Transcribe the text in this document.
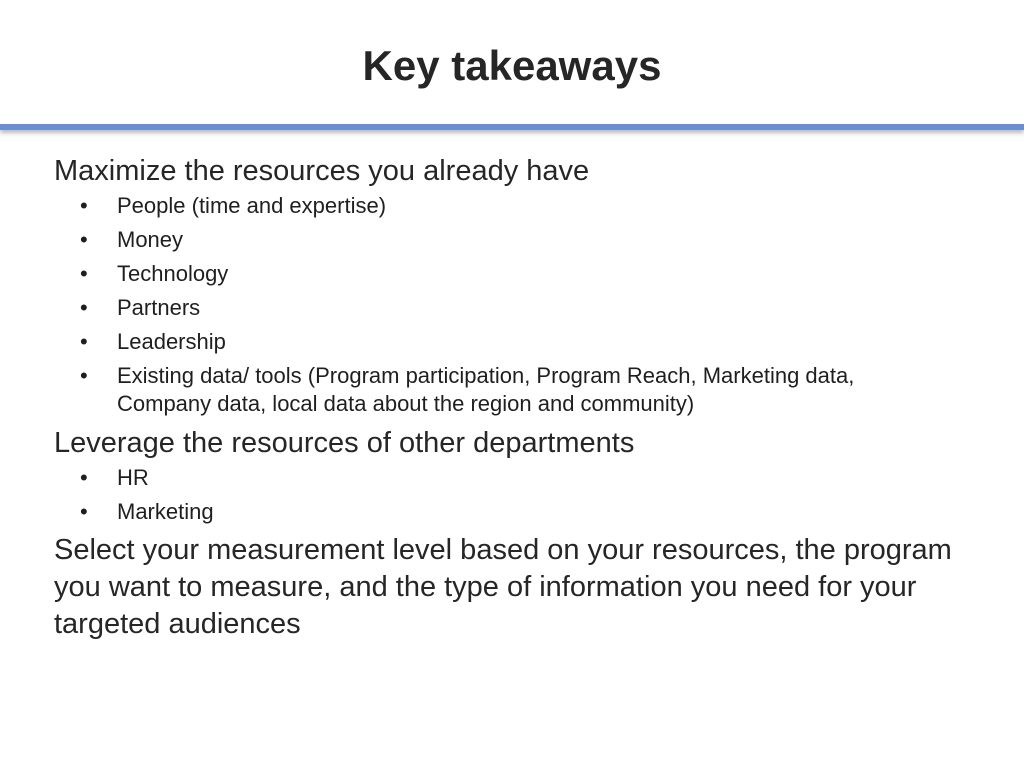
Key takeaways

Maximize the resources you already have

• People (time and expertise)
• Money
• Technology
• Partners
• Leadership
• Existing data/ tools (Program participation, Program Reach, Marketing data, Company data, local data about the region and community)

Leverage the resources of other departments

• HR
• Marketing

Select your measurement level based on your resources, the program you want to measure, and the type of information you need for your targeted audiences
